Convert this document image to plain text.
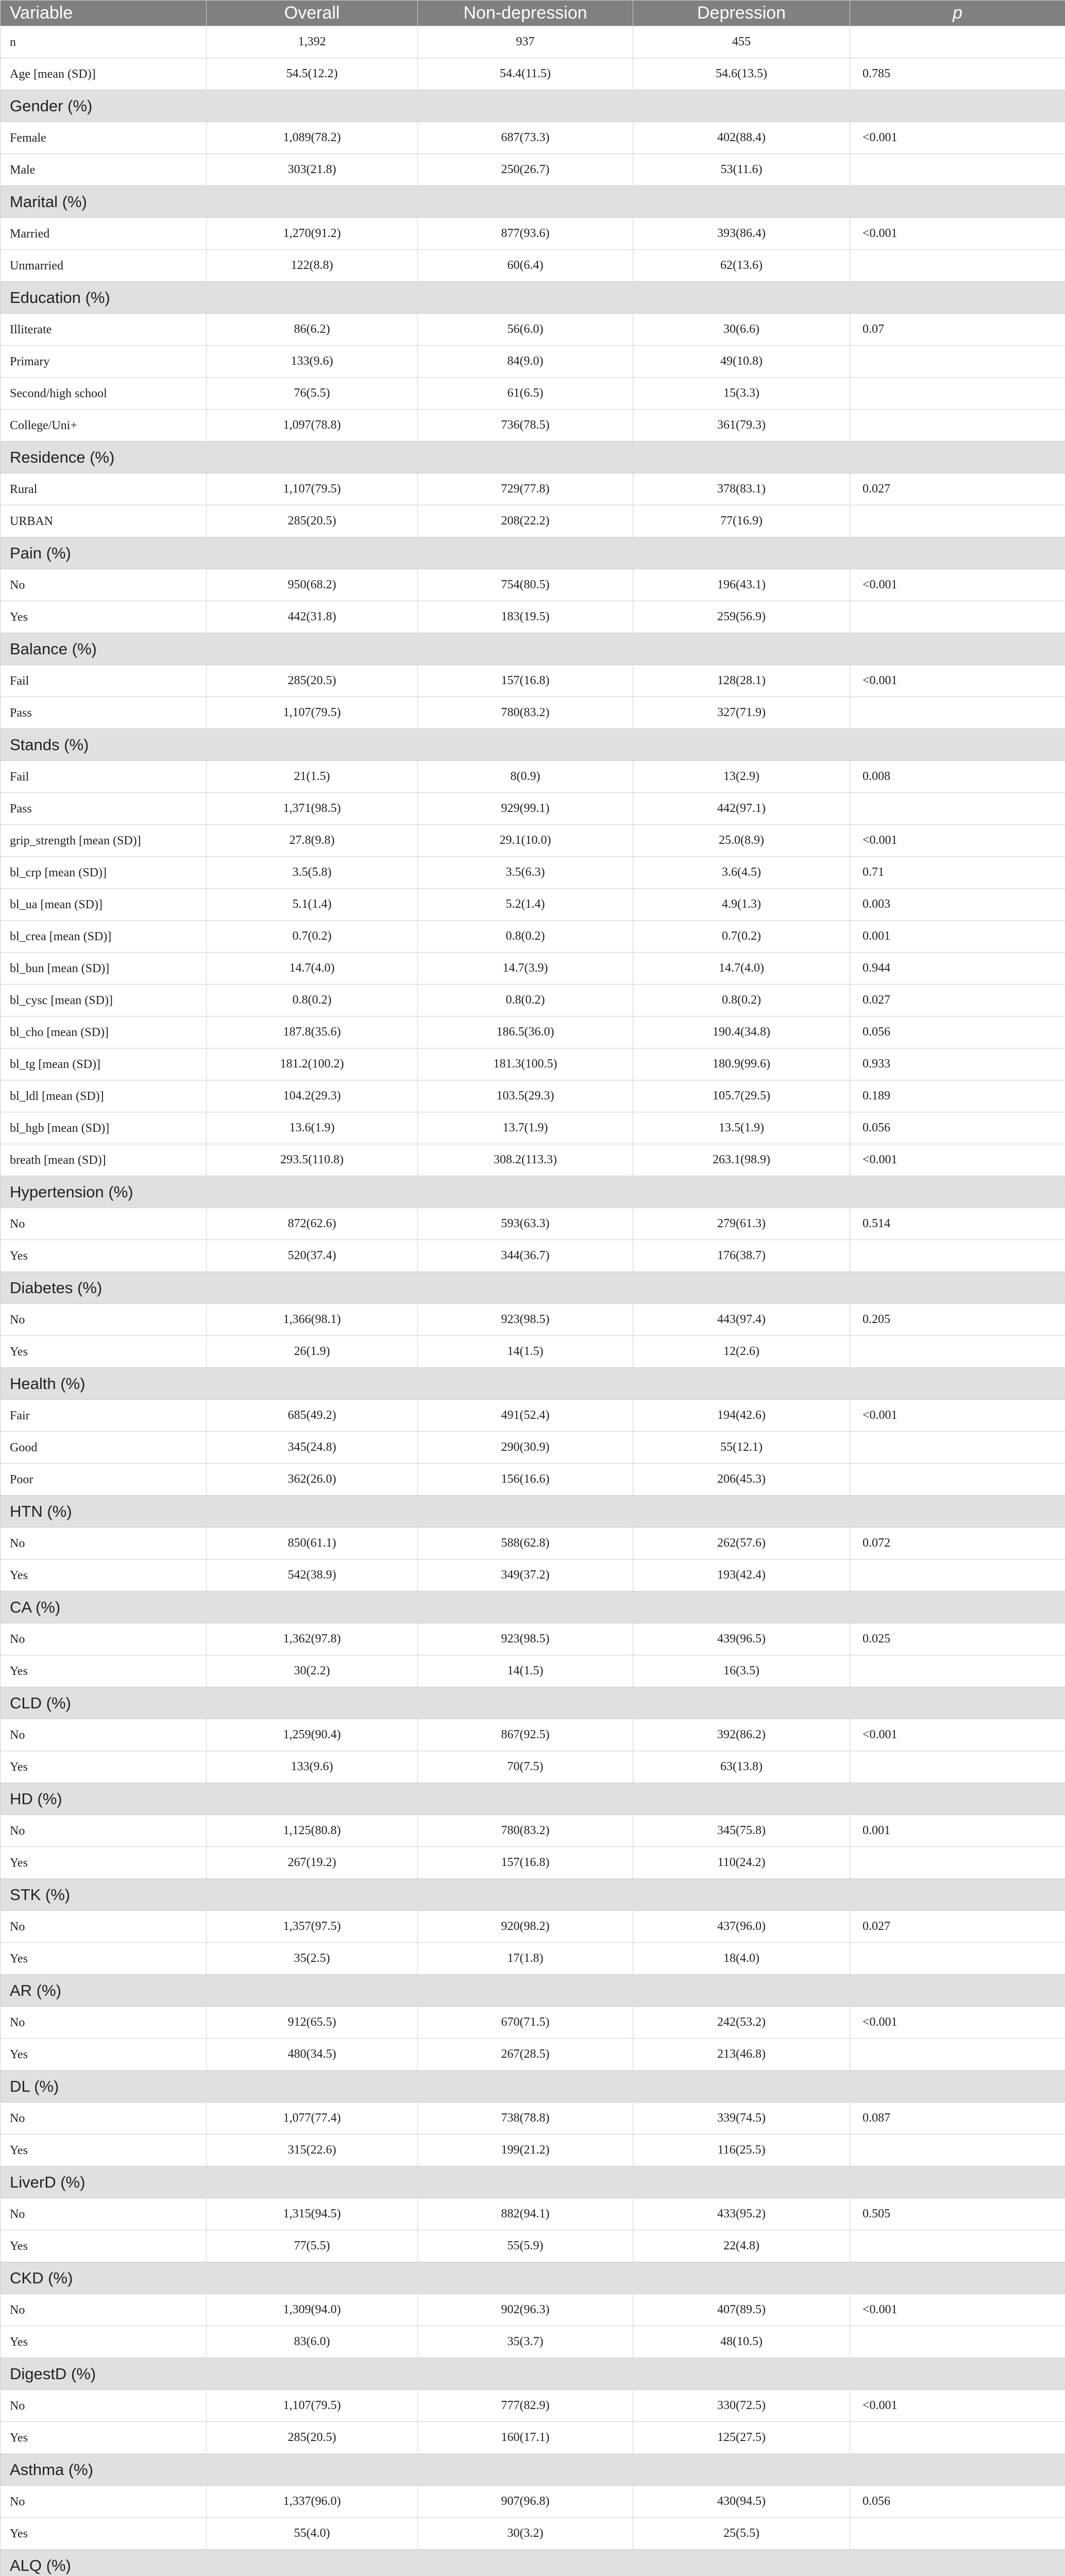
Variable	Overall	Non-depression	Depression	p
n	1,392	937	455	
Age [mean (SD)]	54.5(12.2)	54.4(11.5)	54.6(13.5)	0.785
Gender (%)				
Female	1,089(78.2)	687(73.3)	402(88.4)	<0.001
Male	303(21.8)	250(26.7)	53(11.6)	
Marital (%)				
Married	1,270(91.2)	877(93.6)	393(86.4)	<0.001
Unmarried	122(8.8)	60(6.4)	62(13.6)	
Education (%)				
Illiterate	86(6.2)	56(6.0)	30(6.6)	0.07
Primary	133(9.6)	84(9.0)	49(10.8)	
Second/high school	76(5.5)	61(6.5)	15(3.3)	
College/Uni+	1,097(78.8)	736(78.5)	361(79.3)	
Residence (%)				
Rural	1,107(79.5)	729(77.8)	378(83.1)	0.027
URBAN	285(20.5)	208(22.2)	77(16.9)	
Pain (%)				
No	950(68.2)	754(80.5)	196(43.1)	<0.001
Yes	442(31.8)	183(19.5)	259(56.9)	
Balance (%)				
Fail	285(20.5)	157(16.8)	128(28.1)	<0.001
Pass	1,107(79.5)	780(83.2)	327(71.9)	
Stands (%)				
Fail	21(1.5)	8(0.9)	13(2.9)	0.008
Pass	1,371(98.5)	929(99.1)	442(97.1)	
grip_strength [mean (SD)]	27.8(9.8)	29.1(10.0)	25.0(8.9)	<0.001
bl_crp [mean (SD)]	3.5(5.8)	3.5(6.3)	3.6(4.5)	0.71
bl_ua [mean (SD)]	5.1(1.4)	5.2(1.4)	4.9(1.3)	0.003
bl_crea [mean (SD)]	0.7(0.2)	0.8(0.2)	0.7(0.2)	0.001
bl_bun [mean (SD)]	14.7(4.0)	14.7(3.9)	14.7(4.0)	0.944
bl_cysc [mean (SD)]	0.8(0.2)	0.8(0.2)	0.8(0.2)	0.027
bl_cho [mean (SD)]	187.8(35.6)	186.5(36.0)	190.4(34.8)	0.056
bl_tg [mean (SD)]	181.2(100.2)	181.3(100.5)	180.9(99.6)	0.933
bl_ldl [mean (SD)]	104.2(29.3)	103.5(29.3)	105.7(29.5)	0.189
bl_hgb [mean (SD)]	13.6(1.9)	13.7(1.9)	13.5(1.9)	0.056
breath [mean (SD)]	293.5(110.8)	308.2(113.3)	263.1(98.9)	<0.001
Hypertension (%)				
No	872(62.6)	593(63.3)	279(61.3)	0.514
Yes	520(37.4)	344(36.7)	176(38.7)	
Diabetes (%)				
No	1,366(98.1)	923(98.5)	443(97.4)	0.205
Yes	26(1.9)	14(1.5)	12(2.6)	
Health (%)				
Fair	685(49.2)	491(52.4)	194(42.6)	<0.001
Good	345(24.8)	290(30.9)	55(12.1)	
Poor	362(26.0)	156(16.6)	206(45.3)	
HTN (%)				
No	850(61.1)	588(62.8)	262(57.6)	0.072
Yes	542(38.9)	349(37.2)	193(42.4)	
CA (%)				
No	1,362(97.8)	923(98.5)	439(96.5)	0.025
Yes	30(2.2)	14(1.5)	16(3.5)	
CLD (%)				
No	1,259(90.4)	867(92.5)	392(86.2)	<0.001
Yes	133(9.6)	70(7.5)	63(13.8)	
HD (%)				
No	1,125(80.8)	780(83.2)	345(75.8)	0.001
Yes	267(19.2)	157(16.8)	110(24.2)	
STK (%)				
No	1,357(97.5)	920(98.2)	437(96.0)	0.027
Yes	35(2.5)	17(1.8)	18(4.0)	
AR (%)				
No	912(65.5)	670(71.5)	242(53.2)	<0.001
Yes	480(34.5)	267(28.5)	213(46.8)	
DL (%)				
No	1,077(77.4)	738(78.8)	339(74.5)	0.087
Yes	315(22.6)	199(21.2)	116(25.5)	
LiverD (%)				
No	1,315(94.5)	882(94.1)	433(95.2)	0.505
Yes	77(5.5)	55(5.9)	22(4.8)	
CKD (%)				
No	1,309(94.0)	902(96.3)	407(89.5)	<0.001
Yes	83(6.0)	35(3.7)	48(10.5)	
DigestD (%)				
No	1,107(79.5)	777(82.9)	330(72.5)	<0.001
Yes	285(20.5)	160(17.1)	125(27.5)	
Asthma (%)				
No	1,337(96.0)	907(96.8)	430(94.5)	0.056
Yes	55(4.0)	30(3.2)	25(5.5)	
ALQ (%)				
